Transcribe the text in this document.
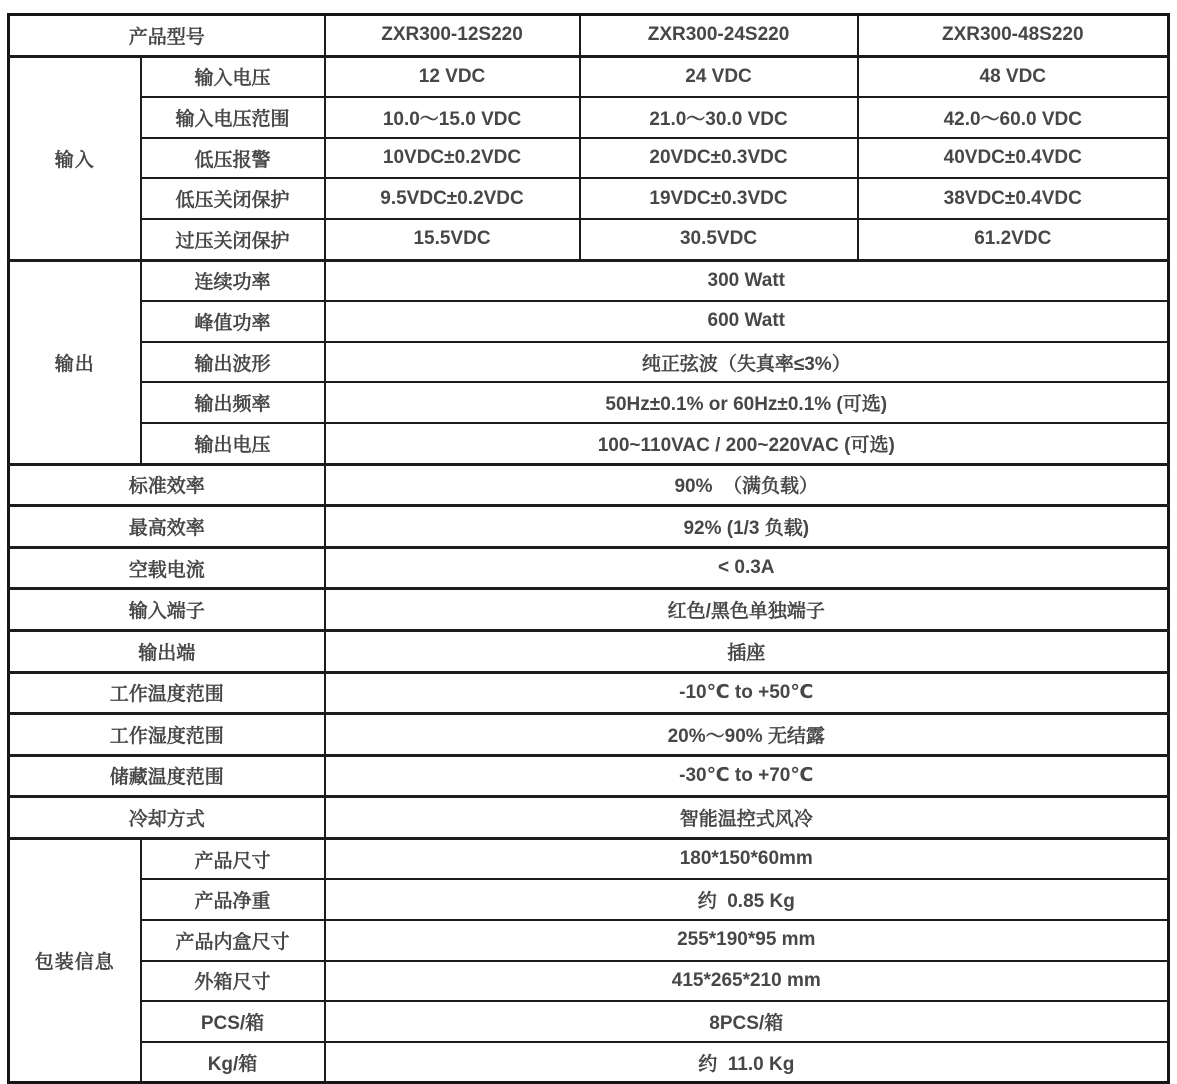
产品型号		ZXR300-12S220	ZXR300-24S220	ZXR300-48S220
输入	输入电压	12 VDC	24 VDC	48 VDC
	输入电压范围	10.0～15.0 VDC	21.0～30.0 VDC	42.0～60.0 VDC
	低压报警	10VDC±0.2VDC	20VDC±0.3VDC	40VDC±0.4VDC
	低压关闭保护	9.5VDC±0.2VDC	19VDC±0.3VDC	38VDC±0.4VDC
	过压关闭保护	15.5VDC	30.5VDC	61.2VDC
输出	连续功率	300 Watt		
	峰值功率	600 Watt		
	输出波形	纯正弦波（失真率≤3%）		
	输出频率	50Hz±0.1% or 60Hz±0.1% (可选)		
	输出电压	100~110VAC / 200~220VAC (可选)		
标准效率		90%  （满负载）		
最高效率		92% (1/3 负载)		
空载电流		< 0.3A		
输入端子		红色/黑色单独端子		
输出端		插座		
工作温度范围		-10℃ to +50℃		
工作湿度范围		20%～90% 无结露		
储藏温度范围		-30℃ to +70℃		
冷却方式		智能温控式风冷		
包装信息	产品尺寸	180*150*60mm		
	产品净重	约  0.85 Kg		
	产品内盒尺寸	255*190*95 mm		
	外箱尺寸	415*265*210 mm		
	PCS/箱	8PCS/箱		
	Kg/箱	约  11.0 Kg		
